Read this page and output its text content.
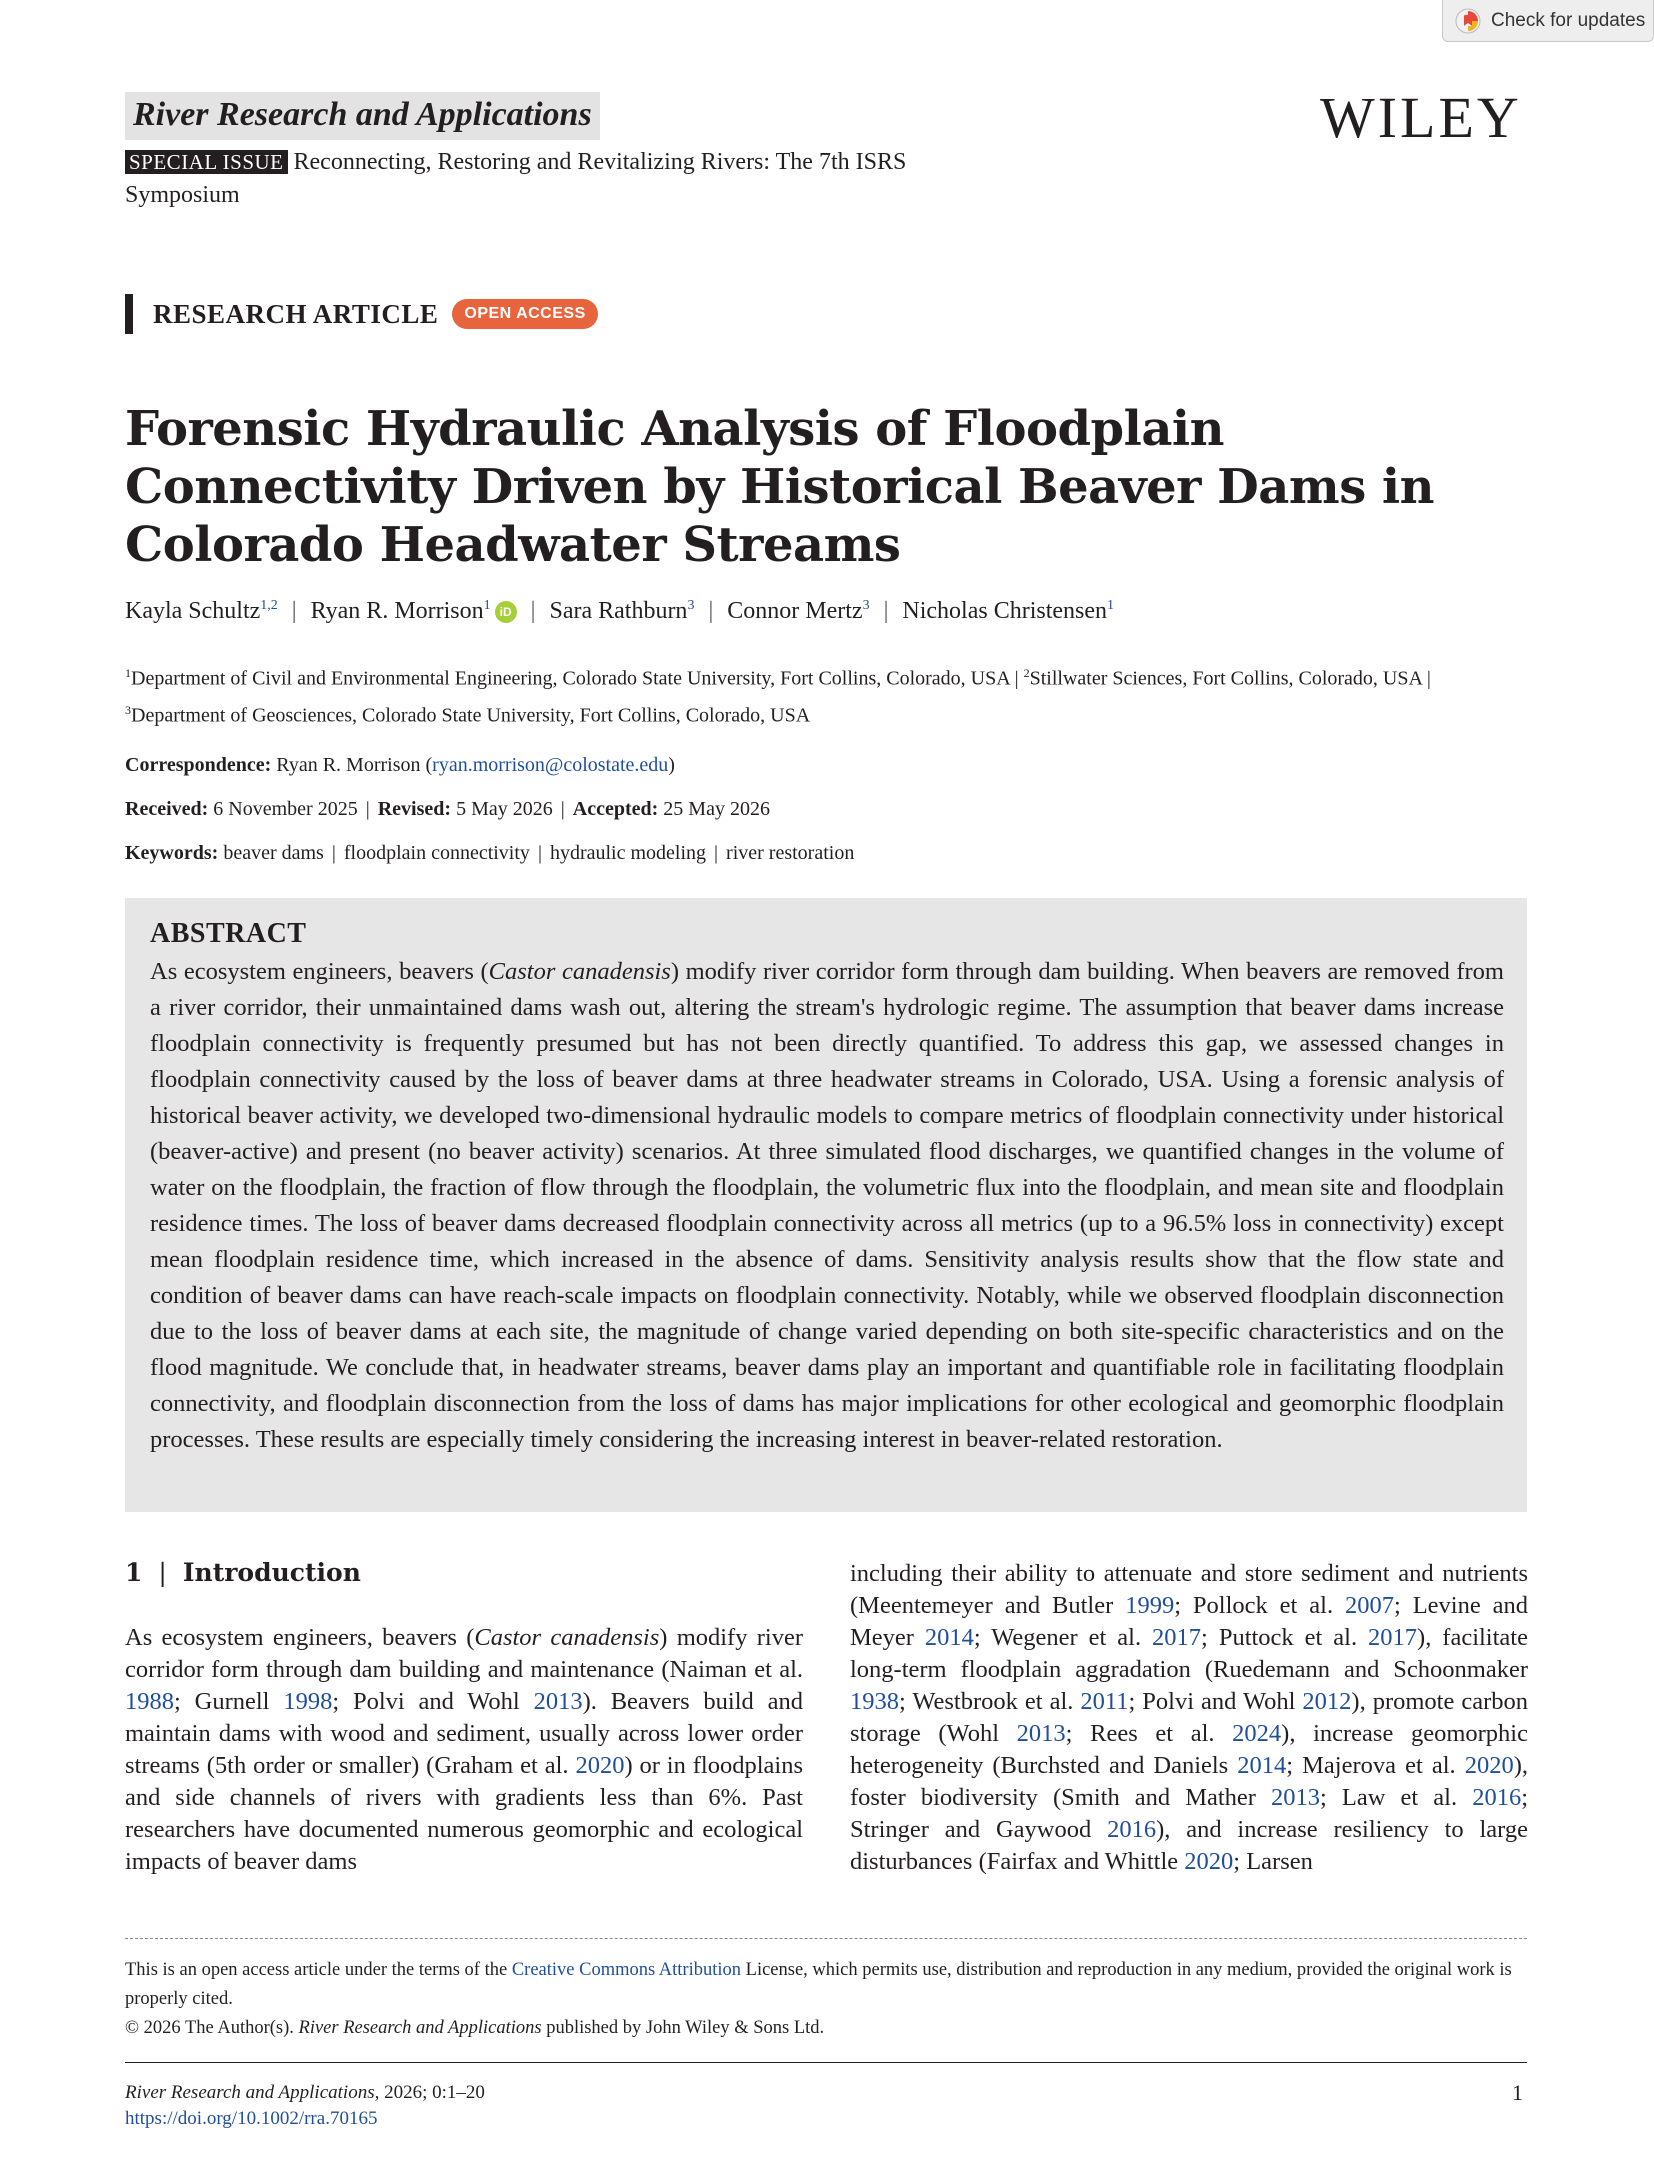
Check for updates
River Research and Applications	WILEY
SPECIAL ISSUE Reconnecting, Restoring and Revitalizing Rivers: The 7th ISRS Symposium
RESEARCH ARTICLE	OPEN ACCESS
Forensic Hydraulic Analysis of Floodplain Connectivity Driven by Historical Beaver Dams in Colorado Headwater Streams
Kayla Schultz$^{1,2}$ | Ryan R. Morrison$^1$ iD | Sara Rathburn$^3$ | Connor Mertz$^3$ | Nicholas Christensen$^1$
$^1$Department of Civil and Environmental Engineering, Colorado State University, Fort Collins, Colorado, USA | $^2$Stillwater Sciences, Fort Collins, Colorado, USA | $^3$Department of Geosciences, Colorado State University, Fort Collins, Colorado, USA
Correspondence: Ryan R. Morrison (ryan.morrison@colostate.edu)
Received: 6 November 2025 | Revised: 5 May 2026 | Accepted: 25 May 2026
Keywords: beaver dams | floodplain connectivity | hydraulic modeling | river restoration
ABSTRACT

As ecosystem engineers, beavers (Castor canadensis) modify river corridor form through dam building. When beavers are removed from a river corridor, their unmaintained dams wash out, altering the stream's hydrologic regime. The assumption that beaver dams increase floodplain connectivity is frequently presumed but has not been directly quantified. To address this gap, we assessed changes in floodplain connectivity caused by the loss of beaver dams at three headwater streams in Colorado, USA. Using a forensic analysis of historical beaver activity, we developed two-dimensional hydraulic models to compare metrics of floodplain connectivity under historical (beaver-active) and present (no beaver activity) scenarios. At three simulated flood discharges, we quantified changes in the volume of water on the floodplain, the fraction of flow through the floodplain, the volumetric flux into the floodplain, and mean site and floodplain residence times. The loss of beaver dams decreased floodplain connectivity across all metrics (up to a 96.5% loss in connectivity) except mean floodplain residence time, which increased in the absence of dams. Sensitivity analysis results show that the flow state and condition of beaver dams can have reach-scale impacts on floodplain connectivity. Notably, while we observed floodplain disconnection due to the loss of beaver dams at each site, the magnitude of change varied depending on both site-specific characteristics and on the flood magnitude. We conclude that, in headwater streams, beaver dams play an important and quantifiable role in facilitating floodplain connectivity, and floodplain disconnection from the loss of dams has major implications for other ecological and geomorphic floodplain processes. These results are especially timely considering the increasing interest in beaver-related restoration.

1 | Introduction

As ecosystem engineers, beavers (Castor canadensis) modify river corridor form through dam building and maintenance (Naiman et al. 1988; Gurnell 1998; Polvi and Wohl 2013). Beavers build and maintain dams with wood and sediment, usually across lower order streams (5th order or smaller) (Graham et al. 2020) or in floodplains and side channels of rivers with gradients less than 6%. Past researchers have documented numerous geomorphic and ecological impacts of beaver dams

including their ability to attenuate and store sediment and nutrients (Meentemeyer and Butler 1999; Pollock et al. 2007; Levine and Meyer 2014; Wegener et al. 2017; Puttock et al. 2017), facilitate long-term floodplain aggradation (Ruedemann and Schoonmaker 1938; Westbrook et al. 2011; Polvi and Wohl 2012), promote carbon storage (Wohl 2013; Rees et al. 2024), increase geomorphic heterogeneity (Burchsted and Daniels 2014; Majerova et al. 2020), foster biodiversity (Smith and Mather 2013; Law et al. 2016; Stringer and Gaywood 2016), and increase resiliency to large disturbances (Fairfax and Whittle 2020; Larsen

This is an open access article under the terms of the Creative Commons Attribution License, which permits use, distribution and reproduction in any medium, provided the original work is properly cited.
© 2026 The Author(s). River Research and Applications published by John Wiley & Sons Ltd.
River Research and Applications, 2026; 0:1–20
https://doi.org/10.1002/rra.70165
1
